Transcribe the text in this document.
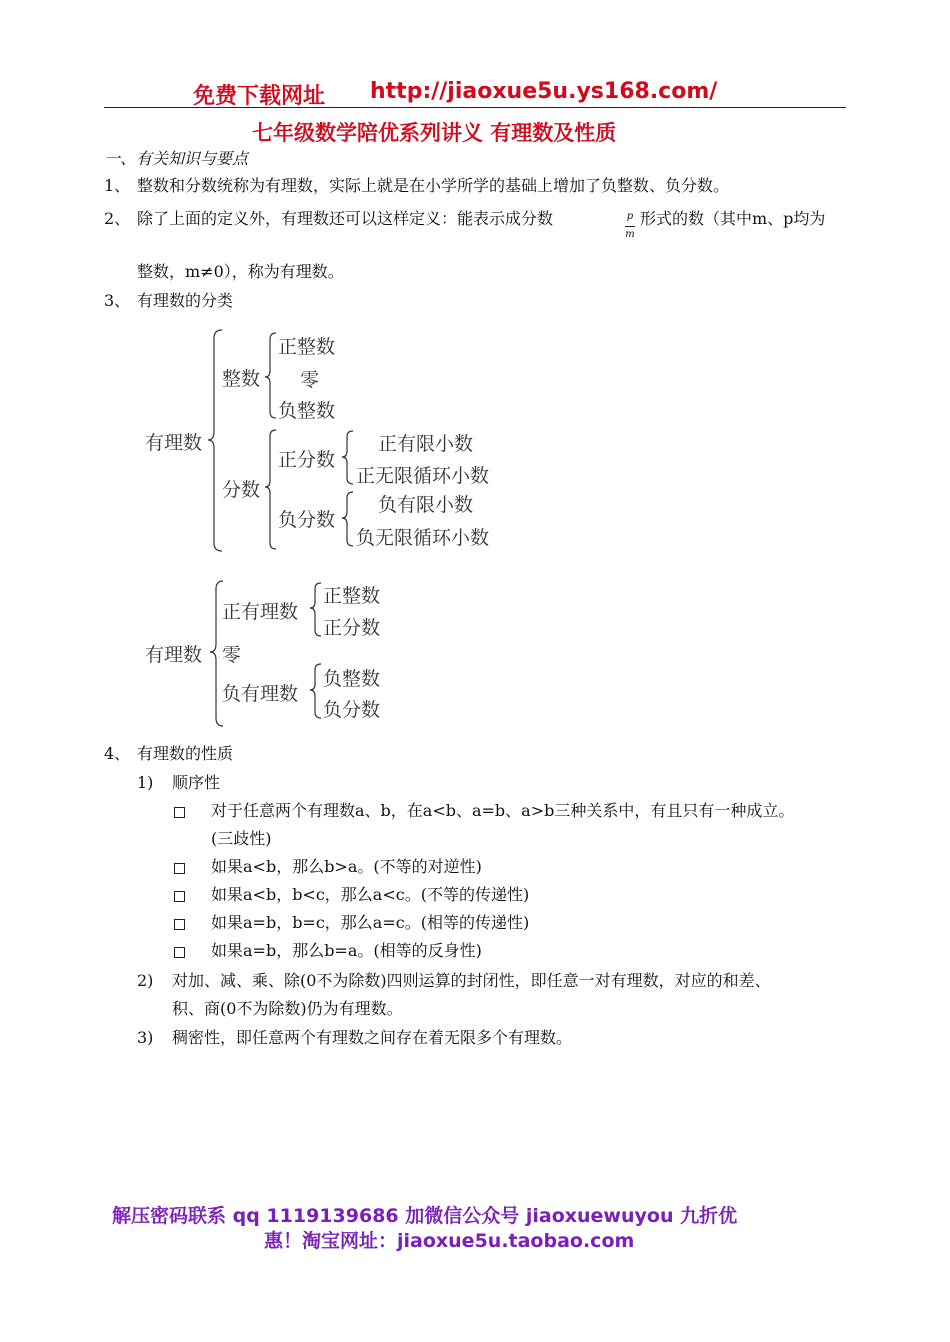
免费下载网址 http://jiaoxue5u.ys168.com/
七年级数学陪优系列讲义 有理数及性质
一、有关知识与要点
1、 整数和分数统称为有理数，实际上就是在小学所学的基础上增加了负整数、负分数。
2、 除了上面的定义外，有理数还可以这样定义：能表示成分数	p
m
形式的数（其中m、p均为
整数，m≠0），称为有理数。
3、 有理数的分类
有理数
整数
正整数
零
负整数
分数
正分数
正有限小数
正无限循环小数
负分数
负有限小数
负无限循环小数
有理数
正有理数
正整数
正分数
零
负有理数
负整数
负分数
4、 有理数的性质
1) 顺序性
对于任意两个有理数a、b，在a<b、a=b、a>b三种关系中，有且只有一种成立。
(三歧性)
如果a<b，那么b>a。(不等的对逆性)
如果a<b，b<c，那么a<c。(不等的传递性)
如果a=b，b=c，那么a=c。(相等的传递性)
如果a=b，那么b=a。(相等的反身性)
2) 对加、减、乘、除(0不为除数)四则运算的封闭性，即任意一对有理数，对应的和差、
积、商(0不为除数)仍为有理数。
3) 稠密性，即任意两个有理数之间存在着无限多个有理数。
解压密码联系 qq 1119139686 加微信公众号 jiaoxuewuyou 九折优
惠！淘宝网址：jiaoxue5u.taobao.com
